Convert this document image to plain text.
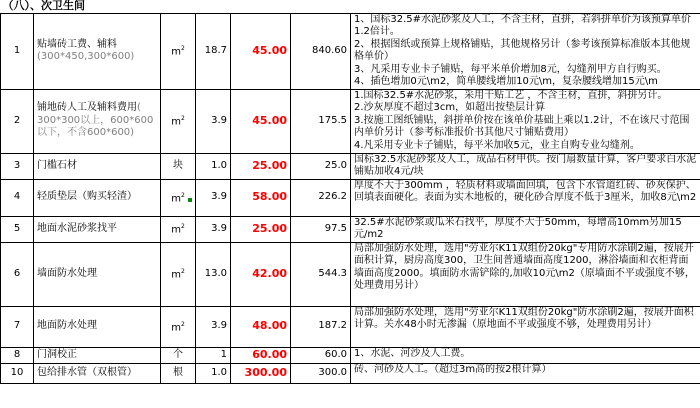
（八）、次卫生间						
1	贴墙砖工费、辅料(300*450,300*600)	$m^2$	18.7	45.00	840.60	1、国标32.5#水泥砂浆及人工，不含主材，直拼，若斜拼单价为该预算单价1.2倍计。
2、根据图纸或预算上规格铺贴，其他规格另计（参考该预算标准版本其他规格单价）
3、凡采用专业卡子铺贴，每平米单价增加8元，勾缝剂甲方自行购买。
4、插色增加0元\m2，简单腰线增加10元\m，复杂腰线增加15元\m

2	铺地砖人工及辅料费用( 300*300以上，600*600以下，不含600*600)	$m^2$	3.9	45.00	175.5	1.国标32.5#水泥砂浆，采用干贴工艺 ，不含主材，直拼，斜拼另计。
2.沙灰厚度不超过3cm，如超出按垫层计算
3.按施工图纸铺贴，斜拼单价按在该单价基础上乘以1.2计，不在该尺寸范围内单价另计（参考标准报价书其他尺寸铺贴费用）
4.凡采用专业卡子铺贴，每平米加收5元，业主自购专业勾缝剂。

3	门槛石材	块	1.0	25.00	25.0	国标32.5水泥砂浆及人工，成品石材甲供。按门扇数量计算，客户要求白水泥铺贴加收4元/块

4	轻质垫层（购买轻渣）	$m^2$	3.9	58.00	226.2	厚度不大于300mm ，轻质材料或墙面回填，包含下水管道红砖、砂灰保护、回填表面硬化。表面为实木地板的，硬化砂合厚度不低于3厘米，加收8元\m2

5	地面水泥砂浆找平	$m^2$	3.9	25.00	97.5	32.5#水泥砂浆或瓜米石找平，厚度不大于50mm，每增高10mm另加15元/m2

6	墙面防水处理	$m^2$	13.0	42.00	544.3	局部加强防水处理，选用"劳亚尔K11双组份20kg"专用防水涂刷2遍，按展开面积计算，厨房高度300，卫生间普通墙面高度1200，淋浴墙面和衣柜背面墙面高度2000。填面防水需铲除的,加收10元\m2（原墙面不平或强度不够，处理费用另计）

7	地面防水处理	$m^2$	3.9	48.00	187.2	局部加强防水处理，选用"劳亚尔K11双组份20kg"防水涂刷2遍，按展开面积计算。关水48小时无渗漏（原地面不平或强度不够，处理费用另计）

8	门洞校正	个	1	60.00	60.0	1、水泥、河沙及人工费。

10	包给排水管（双根管）	根	1.0	300.00	300.0	砖、河砂及人工。（超过3m高的按2根计算）
